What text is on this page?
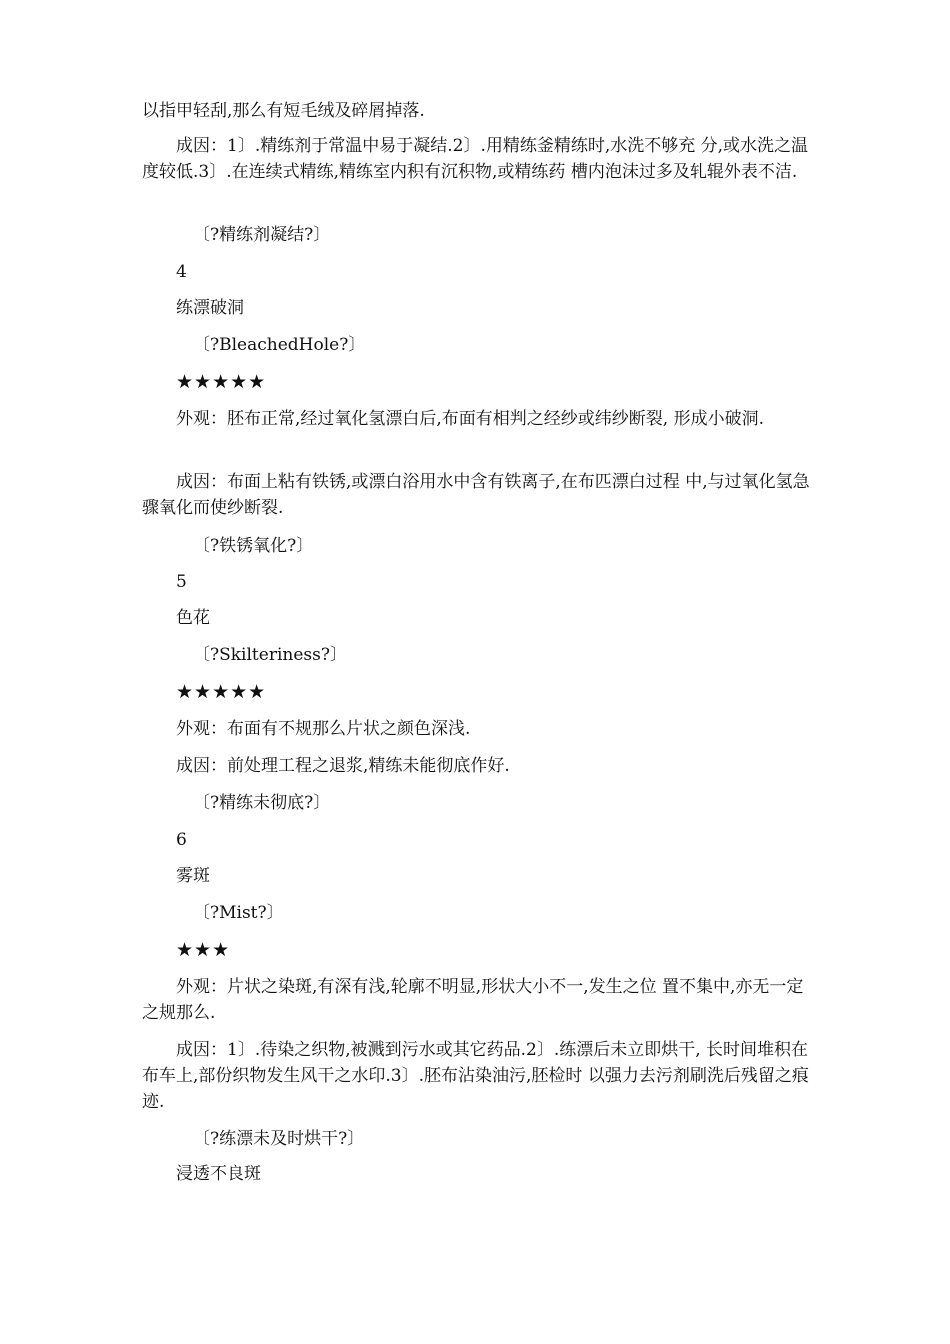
以指甲轻刮,那么有短毛绒及碎屑掉落.
成因：1〕.精练剂于常温中易于凝结.2〕.用精练釜精练时,水洗不够充 分,或水洗之温度较低.3〕.在连续式精练,精练室内积有沉积物,或精练药 槽内泡沫过多及轧辊外表不洁.
〔?精练剂凝结?〕
4
练漂破洞
〔?BleachedHole?〕
★★★★★
外观：胚布正常,经过氧化氢漂白后,布面有相判之经纱或纬纱断裂, 形成小破洞.
成因：布面上粘有铁锈,或漂白浴用水中含有铁离子,在布匹漂白过程 中,与过氧化氢急骤氧化而使纱断裂.
〔?铁锈氧化?〕
5
色花
〔?Skilteriness?〕
★★★★★
外观：布面有不规那么片状之颜色深浅.
成因：前处理工程之退浆,精练未能彻底作好.
〔?精练未彻底?〕
6
雾斑
〔?Mist?〕
★★★
外观：片状之染斑,有深有浅,轮廓不明显,形状大小不一,发生之位 置不集中,亦无一定之规那么.
成因：1〕.待染之织物,被溅到污水或其它药品.2〕.练漂后未立即烘干, 长时间堆积在布车上,部份织物发生风干之水印.3〕.胚布沾染油污,胚检时 以强力去污剂刷洗后残留之痕迹.
〔?练漂未及时烘干?〕
浸透不良斑
